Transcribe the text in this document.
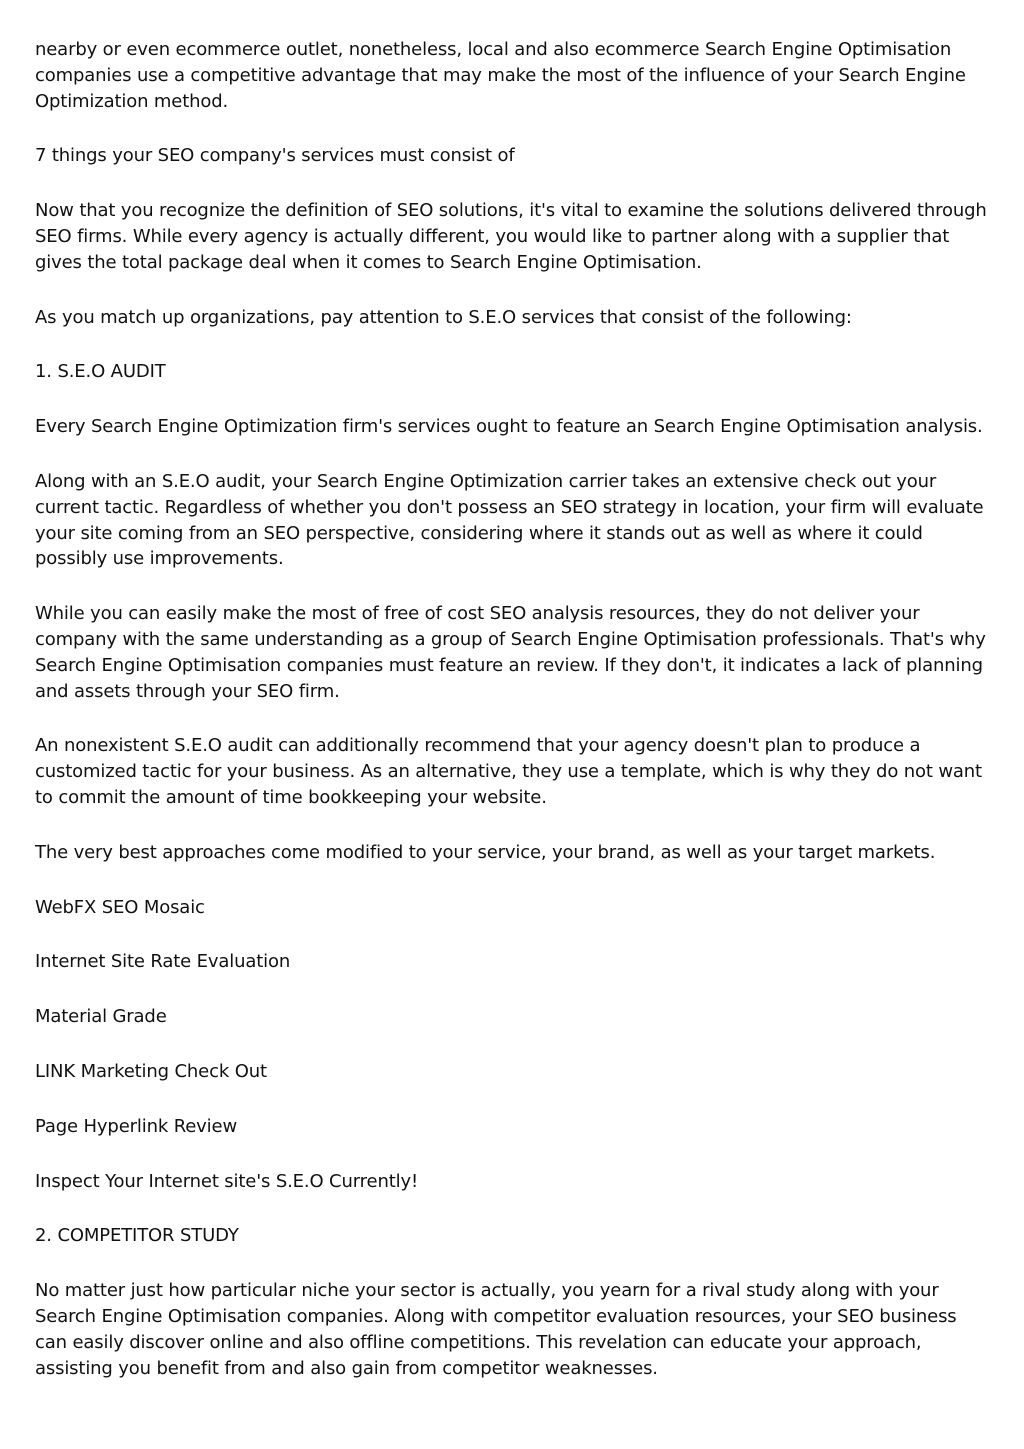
nearby or even ecommerce outlet, nonetheless, local and also ecommerce Search Engine Optimisation companies use a competitive advantage that may make the most of the influence of your Search Engine Optimization method.

7 things your SEO company's services must consist of

Now that you recognize the definition of SEO solutions, it's vital to examine the solutions delivered through SEO firms. While every agency is actually different, you would like to partner along with a supplier that gives the total package deal when it comes to Search Engine Optimisation.

As you match up organizations, pay attention to S.E.O services that consist of the following:

1. S.E.O AUDIT

Every Search Engine Optimization firm's services ought to feature an Search Engine Optimisation analysis.

Along with an S.E.O audit, your Search Engine Optimization carrier takes an extensive check out your current tactic. Regardless of whether you don't possess an SEO strategy in location, your firm will evaluate your site coming from an SEO perspective, considering where it stands out as well as where it could possibly use improvements.

While you can easily make the most of free of cost SEO analysis resources, they do not deliver your company with the same understanding as a group of Search Engine Optimisation professionals. That's why Search Engine Optimisation companies must feature an review. If they don't, it indicates a lack of planning and assets through your SEO firm.

An nonexistent S.E.O audit can additionally recommend that your agency doesn't plan to produce a customized tactic for your business. As an alternative, they use a template, which is why they do not want to commit the amount of time bookkeeping your website.

The very best approaches come modified to your service, your brand, as well as your target markets.

WebFX SEO Mosaic

Internet Site Rate Evaluation

Material Grade

LINK Marketing Check Out

Page Hyperlink Review

Inspect Your Internet site's S.E.O Currently!

2. COMPETITOR STUDY

No matter just how particular niche your sector is actually, you yearn for a rival study along with your Search Engine Optimisation companies. Along with competitor evaluation resources, your SEO business can easily discover online and also offline competitions. This revelation can educate your approach, assisting you benefit from and also gain from competitor weaknesses.
